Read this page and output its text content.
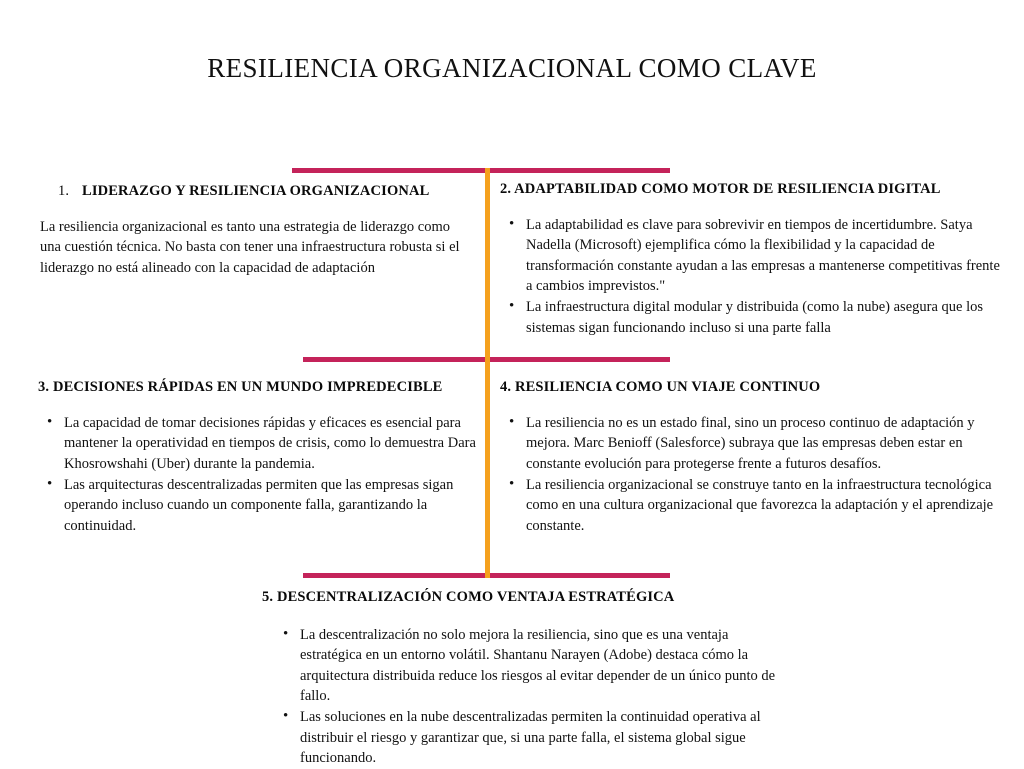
RESILIENCIA ORGANIZACIONAL COMO CLAVE
1. LIDERAZGO Y RESILIENCIA ORGANIZACIONAL

La resiliencia organizacional es tanto una estrategia de liderazgo como una cuestión técnica. No basta con tener una infraestructura robusta si el liderazgo no está alineado con la capacidad de adaptación

2. ADAPTABILIDAD COMO MOTOR DE RESILIENCIA DIGITAL
• La adaptabilidad es clave para sobrevivir en tiempos de incertidumbre. Satya Nadella (Microsoft) ejemplifica cómo la flexibilidad y la capacidad de transformación constante ayudan a las empresas a mantenerse competitivas frente a cambios imprevistos."
• La infraestructura digital modular y distribuida (como la nube) asegura que los sistemas sigan funcionando incluso si una parte falla
3. DECISIONES RÁPIDAS EN UN MUNDO IMPREDECIBLE
• La capacidad de tomar decisiones rápidas y eficaces es esencial para mantener la operatividad en tiempos de crisis, como lo demuestra Dara Khosrowshahi (Uber) durante la pandemia.
• Las arquitecturas descentralizadas permiten que las empresas sigan operando incluso cuando un componente falla, garantizando la continuidad.
4. RESILIENCIA COMO UN VIAJE CONTINUO
• La resiliencia no es un estado final, sino un proceso continuo de adaptación y mejora. Marc Benioff (Salesforce) subraya que las empresas deben estar en constante evolución para protegerse frente a futuros desafíos.
• La resiliencia organizacional se construye tanto en la infraestructura tecnológica como en una cultura organizacional que favorezca la adaptación y el aprendizaje constante.
5. DESCENTRALIZACIÓN COMO VENTAJA ESTRATÉGICA
• La descentralización no solo mejora la resiliencia, sino que es una ventaja estratégica en un entorno volátil. Shantanu Narayen (Adobe) destaca cómo la arquitectura distribuida reduce los riesgos al evitar depender de un único punto de fallo.
• Las soluciones en la nube descentralizadas permiten la continuidad operativa al distribuir el riesgo y garantizar que, si una parte falla, el sistema global sigue funcionando.
